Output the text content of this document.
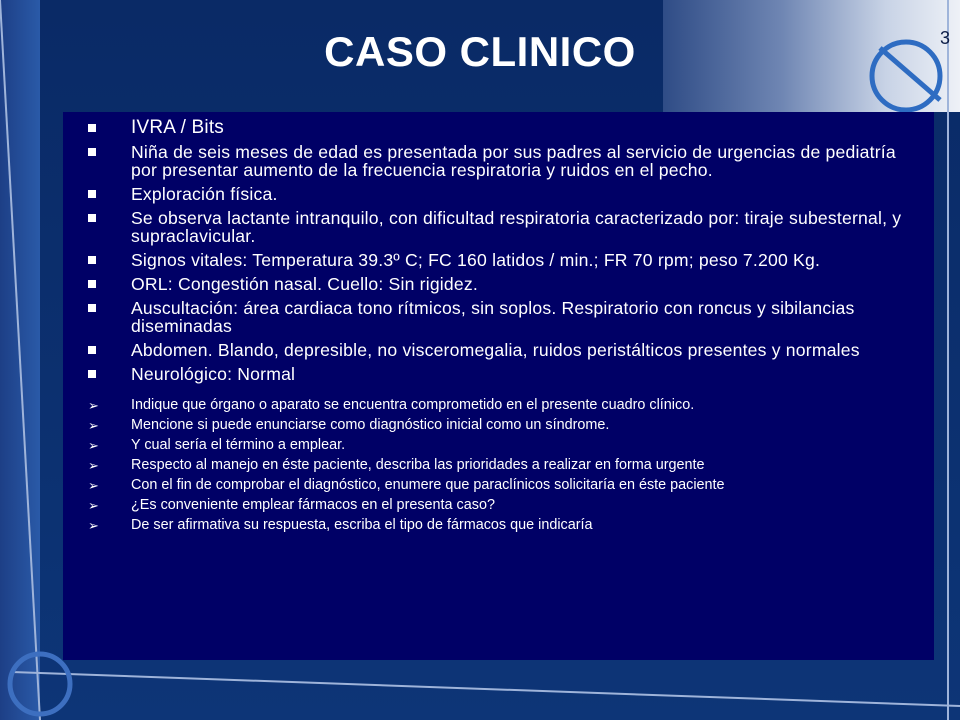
CASO CLINICO	3
IVRA / Bits
Niña de seis meses de edad es presentada por sus padres al servicio de urgencias de pediatría por presentar aumento de la frecuencia respiratoria y ruidos en el pecho.
Exploración física.
Se observa lactante intranquilo, con dificultad respiratoria caracterizado por: tiraje subesternal, y supraclavicular.
Signos vitales: Temperatura 39.3º C; FC 160 latidos / min.; FR 70 rpm; peso 7.200 Kg.
ORL: Congestión nasal. Cuello: Sin rigidez.
Auscultación: área cardiaca tono rítmicos, sin soplos. Respiratorio con roncus y sibilancias diseminadas
Abdomen. Blando, depresible, no visceromegalia, ruidos peristálticos presentes y normales
Neurológico: Normal
➢ Indique que órgano o aparato se encuentra comprometido en el presente cuadro clínico.
➢ Mencione si puede enunciarse como diagnóstico inicial como un síndrome.
➢ Y cual sería el término a emplear.
➢ Respecto al manejo en éste paciente, describa las prioridades a realizar en forma urgente
➢ Con el fin de comprobar el diagnóstico, enumere que paraclínicos solicitaría en éste paciente
➢ ¿Es conveniente emplear fármacos en el presenta caso?
➢ De ser afirmativa su respuesta, escriba el tipo de fármacos que indicaría
